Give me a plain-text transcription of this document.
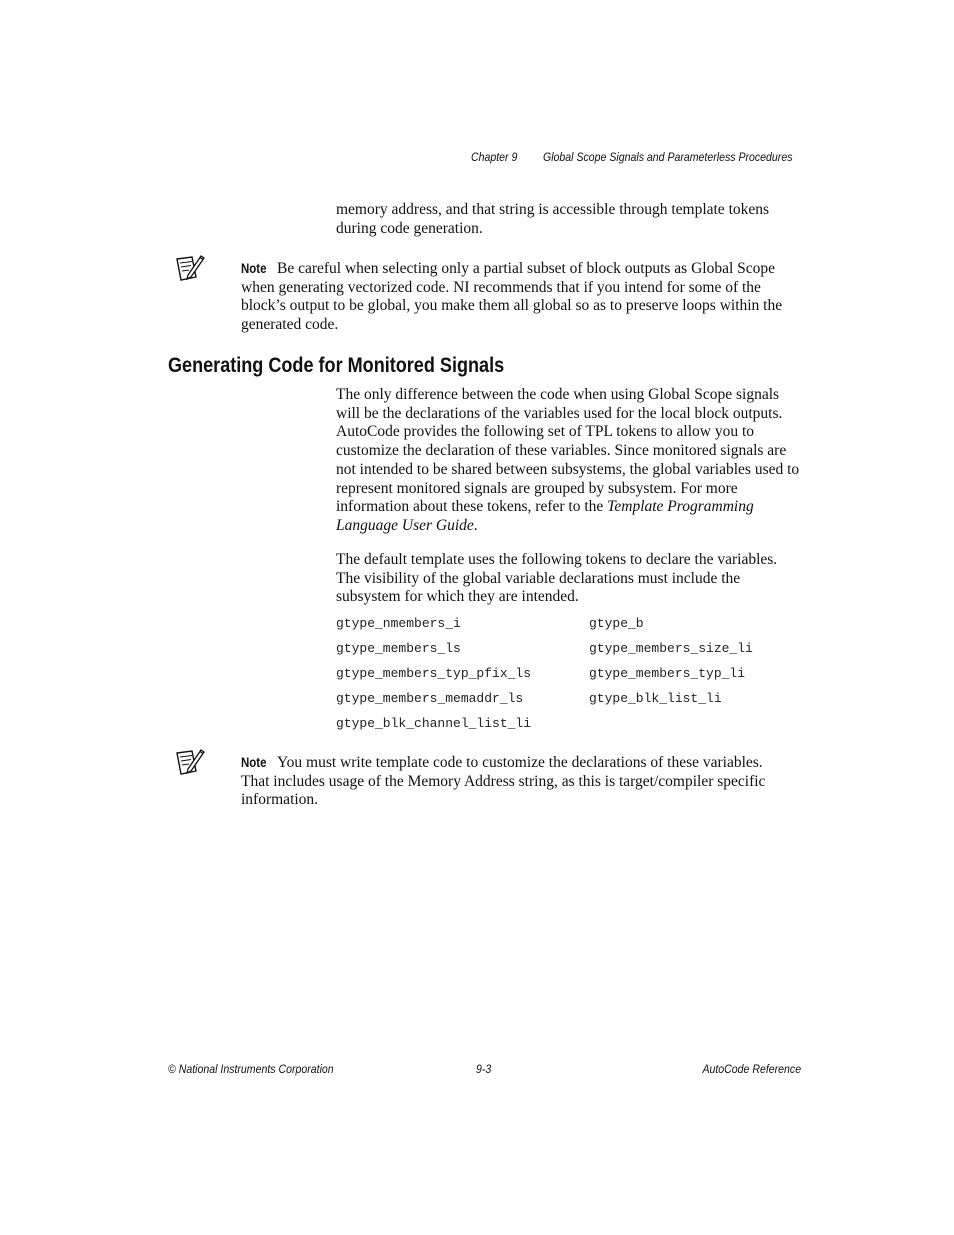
Chapter 9 Global Scope Signals and Parameterless Procedures
memory address, and that string is accessible through template tokens during code generation.
Note Be careful when selecting only a partial subset of block outputs as Global Scope when generating vectorized code. NI recommends that if you intend for some of the block’s output to be global, you make them all global so as to preserve loops within the generated code.
Generating Code for Monitored Signals
The only difference between the code when using Global Scope signals will be the declarations of the variables used for the local block outputs. AutoCode provides the following set of TPL tokens to allow you to customize the declaration of these variables. Since monitored signals are not intended to be shared between subsystems, the global variables used to represent monitored signals are grouped by subsystem. For more information about these tokens, refer to the Template Programming Language User Guide.
The default template uses the following tokens to declare the variables. The visibility of the global variable declarations must include the subsystem for which they are intended.
gtype_nmembers_i
gtype_members_ls
gtype_members_typ_pfix_ls
gtype_members_memaddr_ls
gtype_blk_channel_list_li
gtype_b
gtype_members_size_li
gtype_members_typ_li
gtype_blk_list_li
Note You must write template code to customize the declarations of these variables. That includes usage of the Memory Address string, as this is target/compiler specific information.
© National Instruments Corporation	9-3	AutoCode Reference
